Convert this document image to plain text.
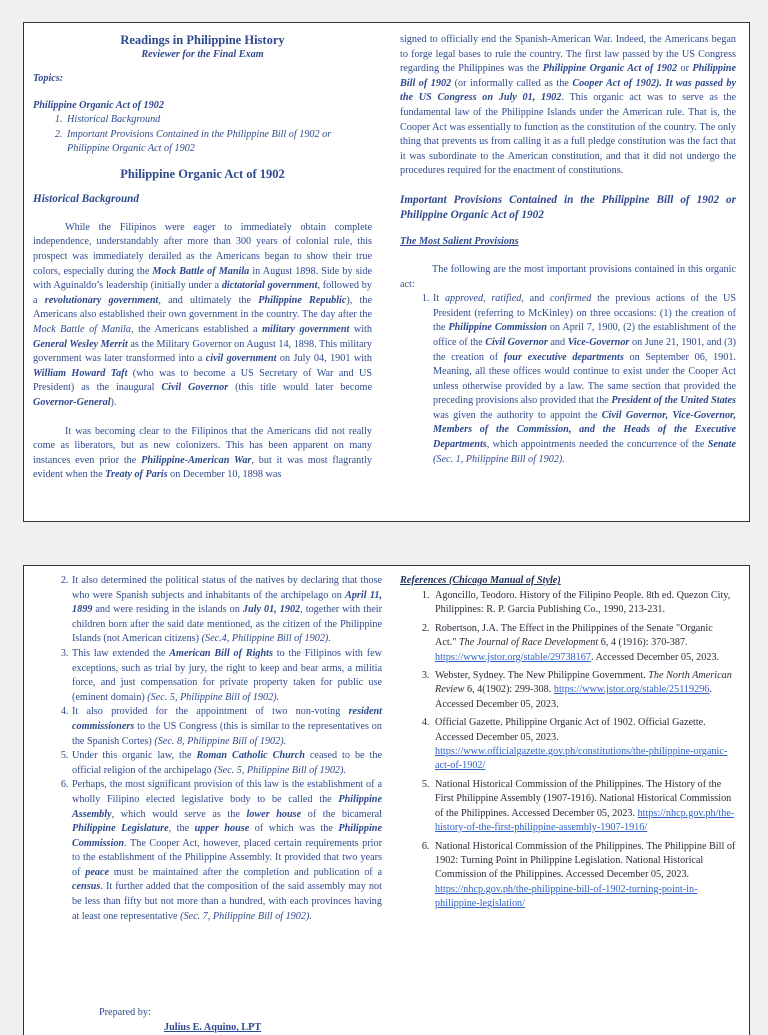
Readings in Philippine History

Reviewer for the Final Exam

Topics:

Philippine Organic Act of 1902

1. Historical Background
2. Important Provisions Contained in the Philippine Bill of 1902 or Philippine Organic Act of 1902

Philippine Organic Act of 1902

Historical Background

While the Filipinos were eager to immediately obtain complete independence, understandably after more than 300 years of colonial rule, this prospect was immediately derailed as the Americans began to show their true colors, especially during the Mock Battle of Manila in August 1898. Side by side with Aguinaldo’s leadership (initially under a dictatorial government, followed by a revolutionary government, and ultimately the Philippine Republic), the Americans also established their own government in the country. The day after the Mock Battle of Manila, the Americans established a military government with General Wesley Merrit as the Military Governor on August 14, 1898. This military government was later transformed into a civil government on July 04, 1901 with William Howard Taft (who was to become a US Secretary of War and US President) as the inaugural Civil Governor (this title would later become Governor-General).

It was becoming clear to the Filipinos that the Americans did not really come as liberators, but as new colonizers. This has been apparent on many instances even prior the Philippine-American War, but it was most flagrantly evident when the Treaty of Paris on December 10, 1898 was

signed to officially end the Spanish-American War. Indeed, the Americans began to forge legal bases to rule the country. The first law passed by the US Congress regarding the Philippines was the Philippine Organic Act of 1902 or Philippine Bill of 1902 (or informally called as the Cooper Act of 1902). It was passed by the US Congress on July 01, 1902. This organic act was to serve as the fundamental law of the Philippine Islands under the American rule. That is, the Cooper Act was essentially to function as the constitution of the country. The only thing that prevents us from calling it as a full pledge constitution was the fact that it was subordinate to the American constitution, and that it did not undergo the procedures required for the enactment of constitutions.

Important Provisions Contained in the Philippine Bill of 1902 or Philippine Organic Act of 1902

The Most Salient Provisions

The following are the most important provisions contained in this organic act:

1. It approved, ratified, and confirmed the previous actions of the US President (referring to McKinley) on three occasions: (1) the creation of the Philippine Commission on April 7, 1900, (2) the establishment of the office of the Civil Governor and Vice-Governor on June 21, 1901, and (3) the creation of four executive departments on September 06, 1901. Meaning, all these offices would continue to exist under the Cooper Act unless otherwise provided by a law. The same section that provided the preceding provisions also provided that the President of the United States was given the authority to appoint the Civil Governor, Vice-Governor, Members of the Commission, and the Heads of the Executive Departments, which appointments needed the concurrence of the Senate (Sec. 1, Philippine Bill of 1902).
2. It also determined the political status of the natives by declaring that those who were Spanish subjects and inhabitants of the archipelago on April 11, 1899 and were residing in the islands on July 01, 1902, together with their children born after the said date mentioned, as the citizen of the Philippine Islands (not American citizens) (Sec.4, Philippine Bill of 1902).
3. This law extended the American Bill of Rights to the Filipinos with few exceptions, such as trial by jury, the right to keep and bear arms, a militia force, and just compensation for private property taken for public use (eminent domain) (Sec. 5, Philippine Bill of 1902).
4. It also provided for the appointment of two non-voting resident commissioners to the US Congress (this is similar to the representatives on the Spanish Cortes) (Sec. 8, Philippine Bill of 1902).
5. Under this organic law, the Roman Catholic Church ceased to be the official religion of the archipelago (Sec. 5, Philippine Bill of 1902).
6. Perhaps, the most significant provision of this law is the establishment of a wholly Filipino elected legislative body to be called the Philippine Assembly, which would serve as the lower house of the bicameral Philippine Legislature, the upper house of which was the Philippine Commission. The Cooper Act, however, placed certain requirements prior to the establishment of the Philippine Assembly. It provided that two years of peace must be maintained after the completion and publication of a census. It further added that the composition of the said assembly may not be less than fifty but not more than a hundred, with each provinces having at least one representative (Sec. 7, Philippine Bill of 1902).

Prepared by:

Julius E. Aquino, LPT

References (Chicago Manual of Style)

1. Agoncillo, Teodoro. History of the Filipino People. 8th ed. Quezon City, Philippines: R. P. Garcia Publishing Co., 1990, 213-231.
2. Robertson, J.A. The Effect in the Philippines of the Senate "Organic Act." The Journal of Race Development 6, 4 (1916): 370-387. https://www.jstor.org/stable/29738167. Accessed December 05, 2023.
3. Webster, Sydney. The New Philippine Government. The North American Review 6, 4(1902): 299-308. https://www.jstor.org/stable/25119296. Accessed December 05, 2023.
4. Official Gazette. Philippine Organic Act of 1902. Official Gazette. Accessed December 05, 2023. https://www.officialgazette.gov.ph/constitutions/the-philippine-organic-act-of-1902/
5. National Historical Commission of the Philippines. The History of the First Philippine Assembly (1907-1916). National Historical Commission of the Philippines. Accessed December 05, 2023. https://nhcp.gov.ph/the-history-of-the-first-philippine-assembly-1907-1916/
6. National Historical Commission of the Philippines. The Philippine Bill of 1902: Turning Point in Philippine Legislation. National Historical Commission of the Philippines. Accessed December 05, 2023. https://nhcp.gov.ph/the-philippine-bill-of-1902-turning-point-in-philippine-legislation/
